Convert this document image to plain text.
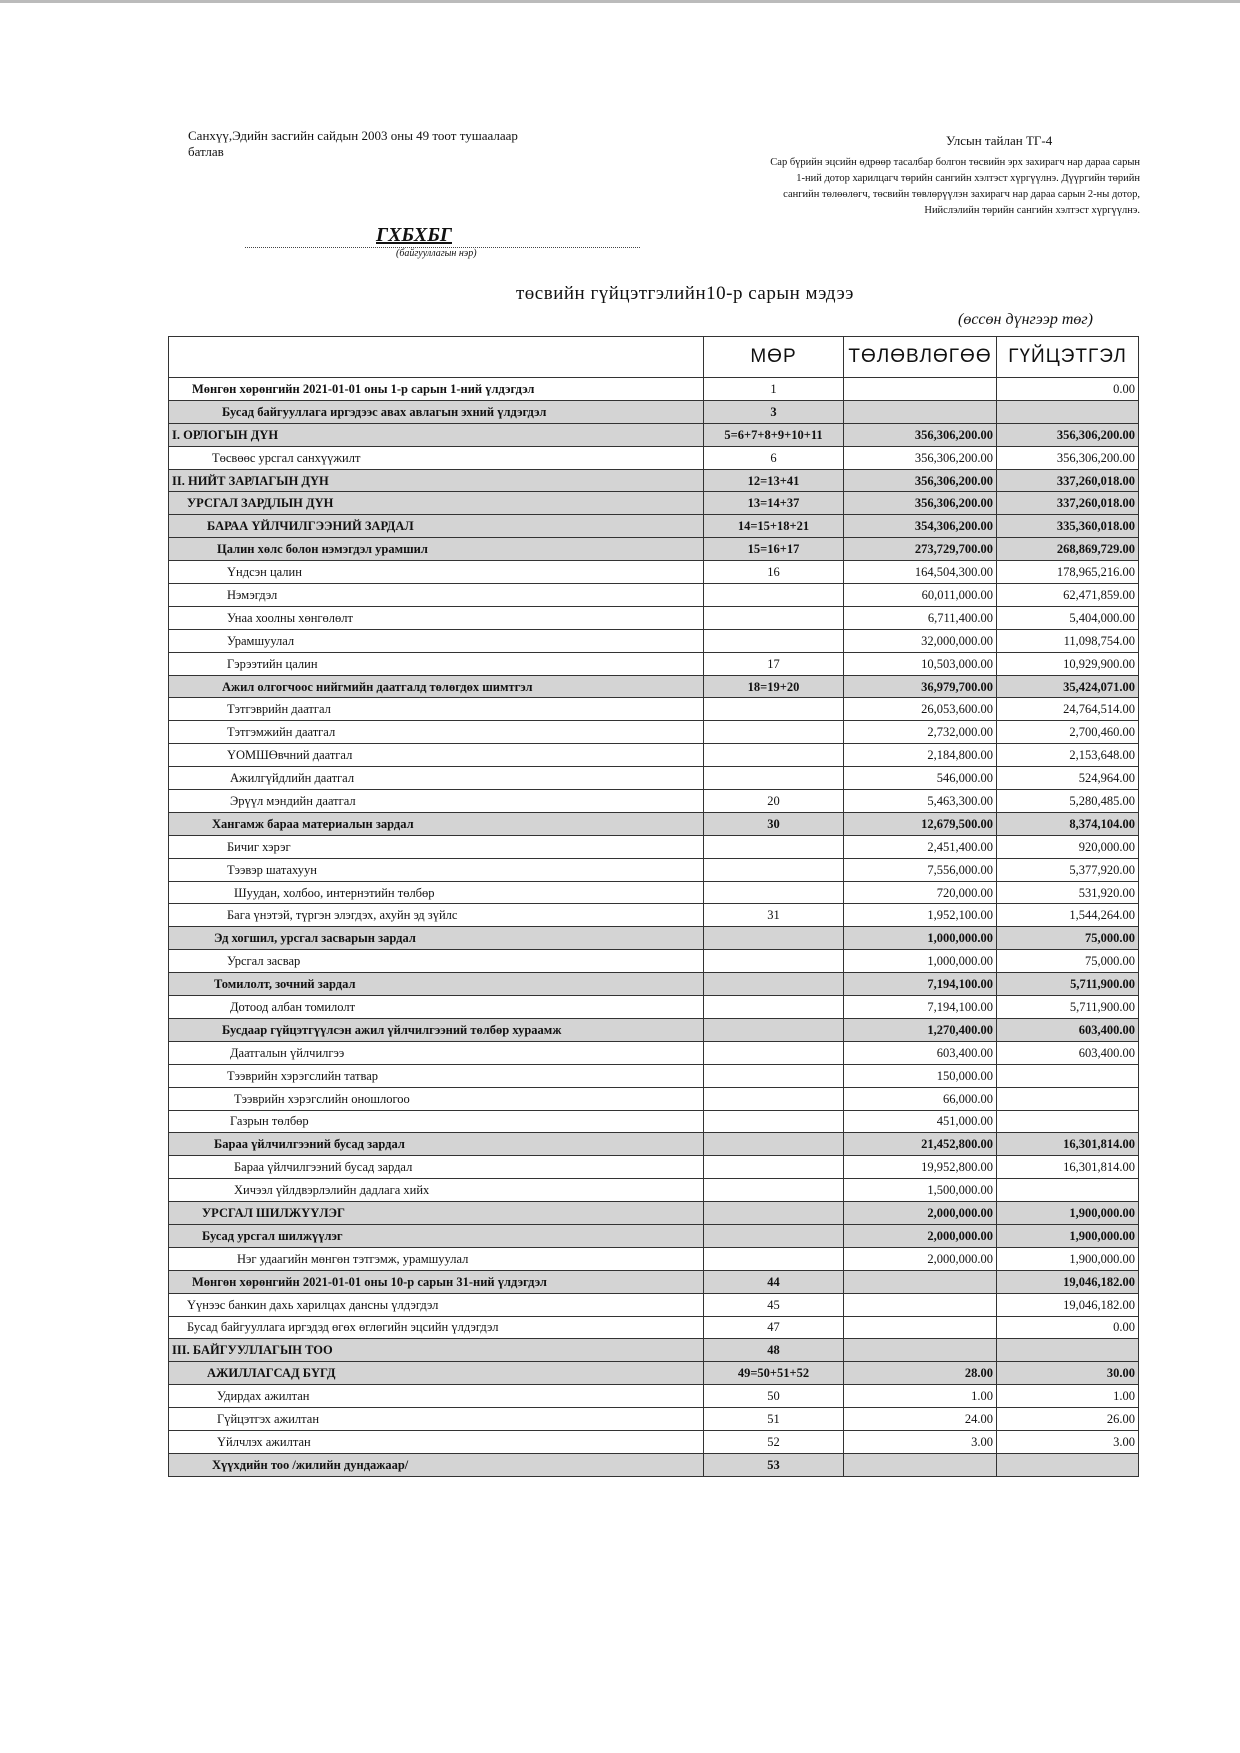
Санхүү,Эдийн засгийн сайдын 2003 оны 49 тоот тушаалаар
батлав
Улсын тайлан ТГ-4
Сар бүрийн эцсийн өдрөөр тасалбар болгон төсвийн эрх захирагч нар дараа сарын
1-ний дотор харилцагч төрийн сангийн хэлтэст хүргүүлнэ. Дүүргийн төрийн
сангийн төлөөлөгч, төсвийн төвлөрүүлэн захирагч нар дараа сарын 2-ны дотор,
Нийслэлийн төрийн сангийн хэлтэст хүргүүлнэ.
ГХБХБГ
(байгууллагын нэр)
төсвийн гүйцэтгэлийн10-р сарын мэдээ
(өссөн дүнгээр төг)
	МӨР	ТӨЛӨВЛӨГӨӨ	ГҮЙЦЭТГЭЛ
Мөнгөн хөрөнгийн 2021-01-01 оны 1-р сарын 1-ний үлдэгдэл	1		0.00
Бусад байгууллага иргэдээс авах авлагын эхний үлдэгдэл	3		
I. ОРЛОГЫН ДҮН	5=6+7+8+9+10+11	356,306,200.00	356,306,200.00
Төсвөөс урсгал санхүүжилт	6	356,306,200.00	356,306,200.00
II. НИЙТ ЗАРЛАГЫН ДҮН	12=13+41	356,306,200.00	337,260,018.00
УРСГАЛ ЗАРДЛЫН ДҮН	13=14+37	356,306,200.00	337,260,018.00
БАРАА ҮЙЛЧИЛГЭЭНИЙ ЗАРДАЛ	14=15+18+21	354,306,200.00	335,360,018.00
Цалин хөлс болон нэмэгдэл урамшил	15=16+17	273,729,700.00	268,869,729.00
Үндсэн цалин	16	164,504,300.00	178,965,216.00
Нэмэгдэл		60,011,000.00	62,471,859.00
Унаа хоолны хөнгөлөлт		6,711,400.00	5,404,000.00
Урамшуулал		32,000,000.00	11,098,754.00
Гэрээтийн цалин	17	10,503,000.00	10,929,900.00
Ажил олгогчоос нийгмийн даатгалд төлөгдөх шимтгэл	18=19+20	36,979,700.00	35,424,071.00
Тэтгэврийн даатгал		26,053,600.00	24,764,514.00
Тэтгэмжийн даатгал		2,732,000.00	2,700,460.00
ҮОМШӨвчний даатгал		2,184,800.00	2,153,648.00
Ажилгүйдлийн даатгал		546,000.00	524,964.00
Эрүүл мэндийн даатгал	20	5,463,300.00	5,280,485.00
Хангамж бараа материалын зардал	30	12,679,500.00	8,374,104.00
Бичиг хэрэг		2,451,400.00	920,000.00
Тээвэр шатахуун		7,556,000.00	5,377,920.00
Шуудан, холбоо, интернэтийн төлбөр		720,000.00	531,920.00
Бага үнэтэй, түргэн элэгдэх, ахуйн эд зүйлс	31	1,952,100.00	1,544,264.00
Эд хогшил, урсгал засварын зардал		1,000,000.00	75,000.00
Урсгал засвар		1,000,000.00	75,000.00
Томилолт, зочний зардал		7,194,100.00	5,711,900.00
Дотоод албан томилолт		7,194,100.00	5,711,900.00
Бусдаар гүйцэтгүүлсэн ажил үйлчилгээний төлбөр хураамж		1,270,400.00	603,400.00
Даатгалын үйлчилгээ		603,400.00	603,400.00
Тээврийн хэрэгслийн татвар		150,000.00	
Тээврийн хэрэгслийн оношлогоо		66,000.00	
Газрын төлбөр		451,000.00	
Бараа үйлчилгээний бусад зардал		21,452,800.00	16,301,814.00
Бараа үйлчилгээний бусад зардал		19,952,800.00	16,301,814.00
Хичээл үйлдвэрлэлийн дадлага хийх		1,500,000.00	
УРСГАЛ ШИЛЖҮҮЛЭГ		2,000,000.00	1,900,000.00
Бусад урсгал шилжүүлэг		2,000,000.00	1,900,000.00
Нэг удаагийн мөнгөн тэтгэмж, урамшуулал		2,000,000.00	1,900,000.00
Мөнгөн хөрөнгийн 2021-01-01 оны 10-р сарын 31-ний үлдэгдэл	44		19,046,182.00
Үүнээс банкин дахь харилцах дансны үлдэгдэл	45		19,046,182.00
Бусад байгууллага иргэдэд өгөх өглөгийн эцсийн үлдэгдэл	47		0.00
III. БАЙГУУЛЛАГЫН ТОО	48		
АЖИЛЛАГСАД БҮГД	49=50+51+52	28.00	30.00
Удирдах ажилтан	50	1.00	1.00
Гүйцэтгэх ажилтан	51	24.00	26.00
Үйлчлэх ажилтан	52	3.00	3.00
Хүүхдийн тоо /жилийн дундажаар/	53		
